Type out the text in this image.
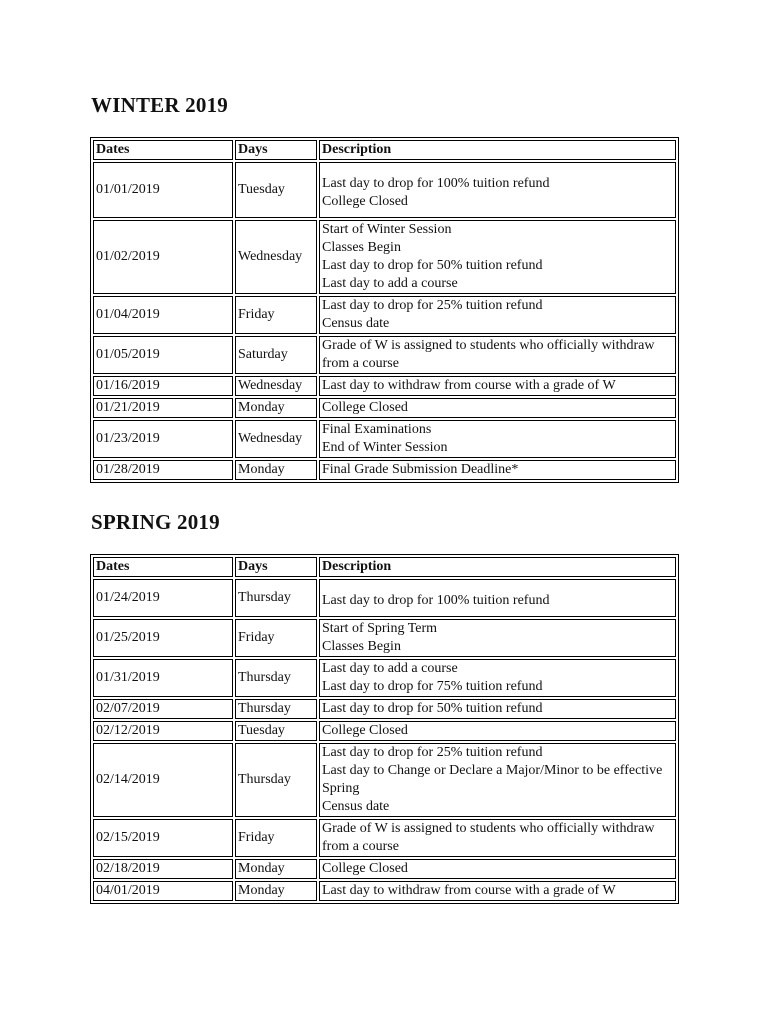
WINTER 2019
Dates	Days	Description
01/01/2019	Tuesday	Last day to drop for 100% tuition refund
College Closed

01/02/2019	Wednesday	Start of Winter Session
Classes Begin
Last day to drop for 50% tuition refund
Last day to add a course

01/04/2019	Friday	Last day to drop for 25% tuition refund
Census date

01/05/2019	Saturday	Grade of W is assigned to students who officially withdraw from a course

01/16/2019	Wednesday	Last day to withdraw from course with a grade of W

01/21/2019	Monday	College Closed

01/23/2019	Wednesday	Final Examinations
End of Winter Session

01/28/2019	Monday	Final Grade Submission Deadline*
SPRING 2019
Dates	Days	Description
01/24/2019	Thursday	Last day to drop for 100% tuition refund

01/25/2019	Friday	Start of Spring Term
Classes Begin

01/31/2019	Thursday	Last day to add a course
Last day to drop for 75% tuition refund

02/07/2019	Thursday	Last day to drop for 50% tuition refund

02/12/2019	Tuesday	College Closed

02/14/2019	Thursday	Last day to drop for 25% tuition refund
Last day to Change or Declare a Major/Minor to be effective Spring
Census date

02/15/2019	Friday	Grade of W is assigned to students who officially withdraw from a course

02/18/2019	Monday	College Closed

04/01/2019	Monday	Last day to withdraw from course with a grade of W
